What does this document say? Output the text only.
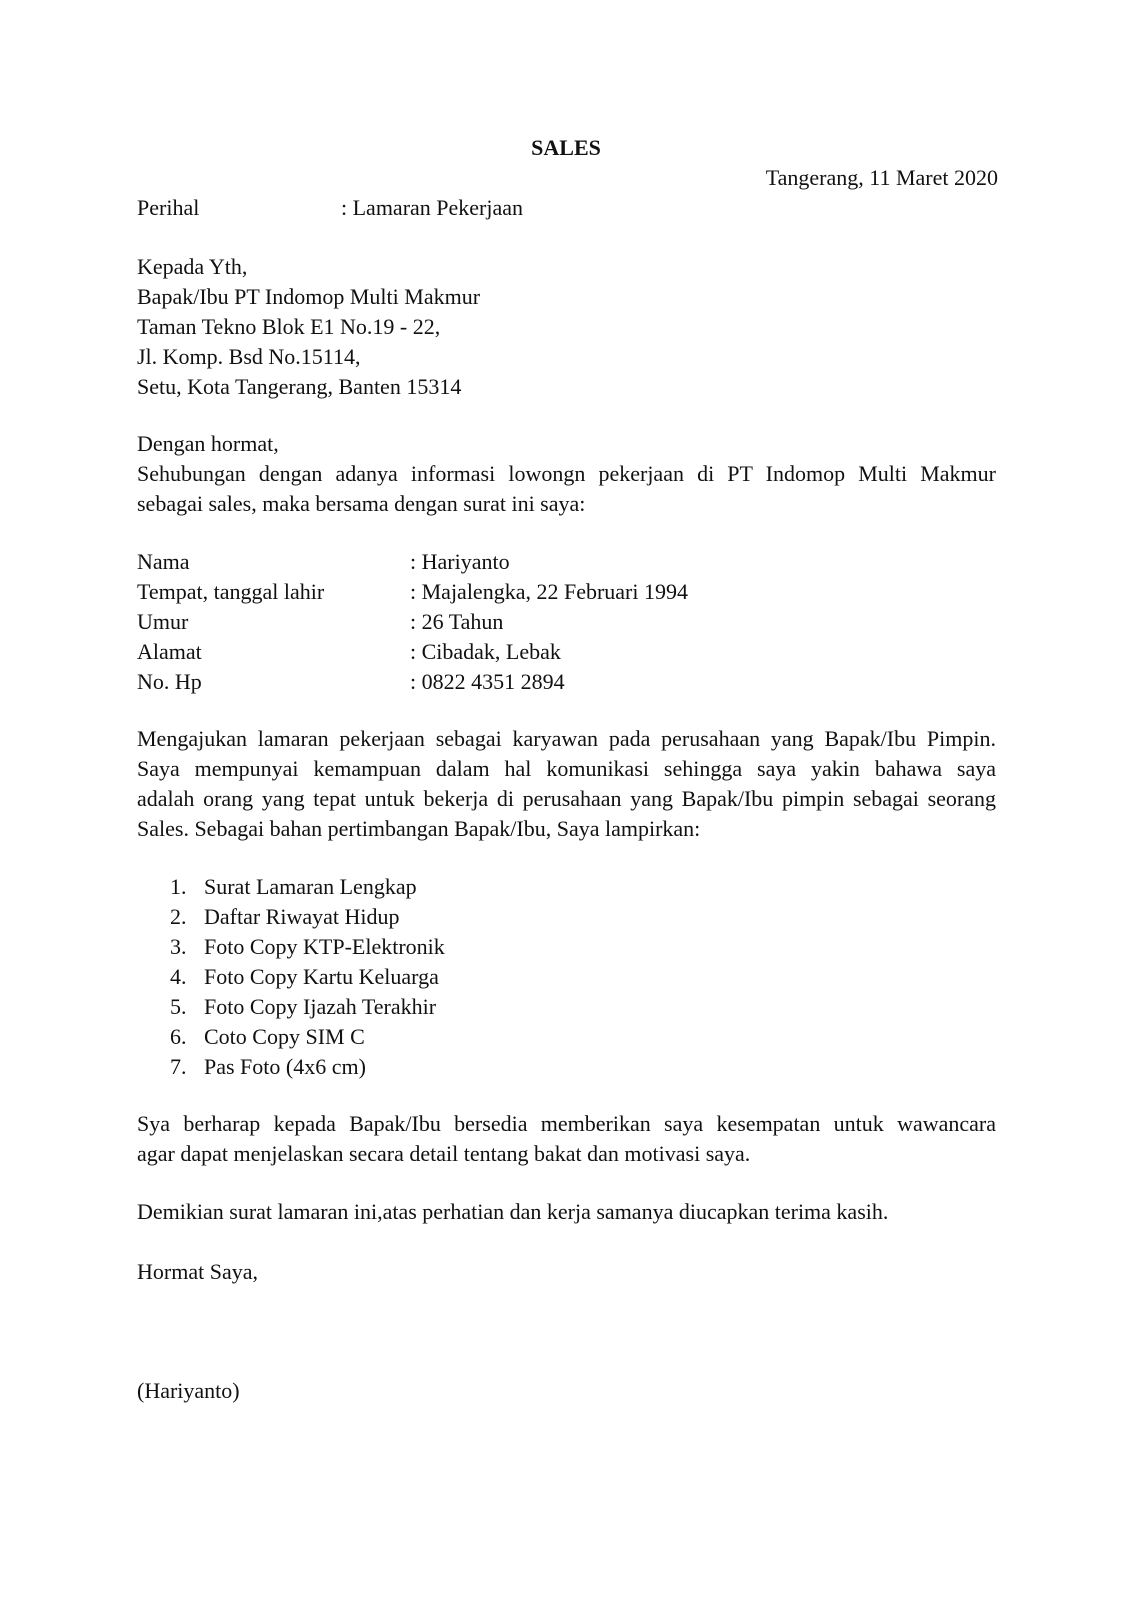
SALES
Tangerang, 11 Maret 2020
Perihal	: Lamaran Pekerjaan
Kepada Yth,
Bapak/Ibu PT Indomop Multi Makmur
Taman Tekno Blok E1 No.19 - 22,
Jl. Komp. Bsd No.15114,
Setu, Kota Tangerang, Banten 15314
Dengan hormat,
Sehubungan dengan adanya informasi lowongn pekerjaan di PT Indomop Multi Makmur
sebagai sales, maka bersama dengan surat ini saya:
Nama	: Hariyanto
Tempat, tanggal lahir	: Majalengka, 22 Februari 1994
Umur	: 26 Tahun
Alamat	: Cibadak, Lebak
No. Hp	: 0822 4351 2894
Mengajukan lamaran pekerjaan sebagai karyawan pada perusahaan yang Bapak/Ibu Pimpin.
Saya mempunyai kemampuan dalam hal komunikasi sehingga saya yakin bahawa saya
adalah orang yang tepat untuk bekerja di perusahaan yang Bapak/Ibu pimpin sebagai seorang
Sales. Sebagai bahan pertimbangan Bapak/Ibu, Saya lampirkan:
1. Surat Lamaran Lengkap
2. Daftar Riwayat Hidup
3. Foto Copy KTP-Elektronik
4. Foto Copy Kartu Keluarga
5. Foto Copy Ijazah Terakhir
6. Coto Copy SIM C
7. Pas Foto (4x6 cm)
Sya berharap kepada Bapak/Ibu bersedia memberikan saya kesempatan untuk wawancara
agar dapat menjelaskan secara detail tentang bakat dan motivasi saya.
Demikian surat lamaran ini,atas perhatian dan kerja samanya diucapkan terima kasih.
Hormat Saya,
(Hariyanto)
